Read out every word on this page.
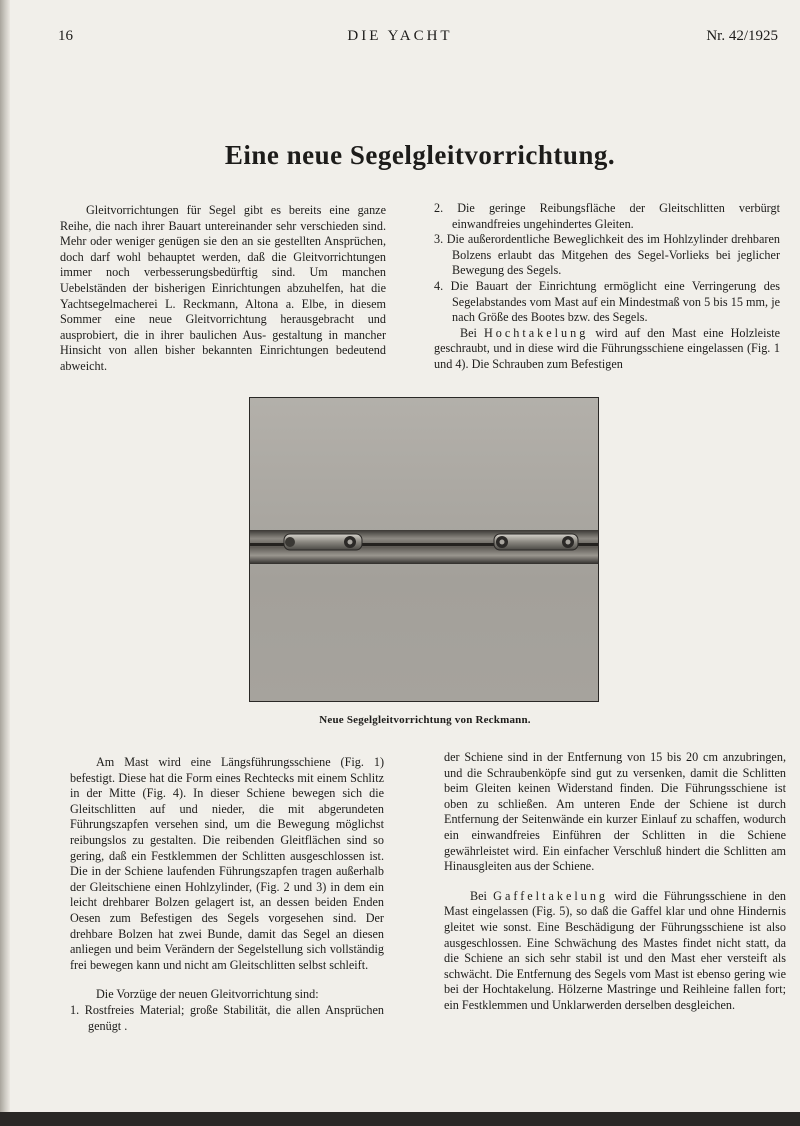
DIE YACHT
16	Nr. 42/1925
Eine neue Segelgleitvorrichtung.

Gleitvorrichtungen für Segel gibt es bereits eine ganze Reihe, die nach ihrer Bauart untereinander sehr verschieden sind. Mehr oder weniger genügen sie den an sie gestellten Ansprüchen, doch darf wohl behauptet werden, daß die Gleitvorrichtungen immer noch verbesserungsbedürftig sind. Um manchen Uebelständen der bisherigen Einrichtungen abzuhelfen, hat die Yachtsegelmacherei L. Reckmann, Altona a. Elbe, in diesem Sommer eine neue Gleitvorrichtung herausgebracht und ausprobiert, die in ihrer baulichen Aus- gestaltung in mancher Hinsicht von allen bisher bekannten Einrichtungen bedeutend abweicht.

2. Die geringe Reibungsfläche der Gleitschlitten verbürgt einwandfreies ungehindertes Gleiten.

3. Die außerordentliche Beweglichkeit des im Hohlzylinder drehbaren Bolzens erlaubt das Mitgehen des Segel-Vorlieks bei jeglicher Bewegung des Segels.

4. Die Bauart der Einrichtung ermöglicht eine Verringerung des Segelabstandes vom Mast auf ein Mindestmaß von 5 bis 15 mm, je nach Größe des Bootes bzw. des Segels.

Bei Hochtakelung wird auf den Mast eine Holzleiste geschraubt, und in diese wird die Führungsschiene eingelassen (Fig. 1 und 4). Die Schrauben zum Befestigen

Neue Segelgleitvorrichtung von Reckmann.

Am Mast wird eine Längsführungsschiene (Fig. 1) befestigt. Diese hat die Form eines Rechtecks mit einem Schlitz in der Mitte (Fig. 4). In dieser Schiene bewegen sich die Gleitschlitten auf und nieder, die mit abgerundeten Führungszapfen versehen sind, um die Bewegung möglichst reibungslos zu gestalten. Die reibenden Gleitflächen sind so gering, daß ein Festklemmen der Schlitten ausgeschlossen ist. Die in der Schiene laufenden Führungszapfen tragen außerhalb der Gleitschiene einen Hohlzylinder, (Fig. 2 und 3) in dem ein leicht drehbarer Bolzen gelagert ist, an dessen beiden Enden Oesen zum Befestigen des Segels vorgesehen sind. Der drehbare Bolzen hat zwei Bunde, damit das Segel an diesen anliegen und beim Verändern der Segelstellung sich vollständig frei bewegen kann und nicht am Gleitschlitten selbst schleift.

Die Vorzüge der neuen Gleitvorrichtung sind:

1. Rostfreies Material; große Stabilität, die allen Ansprüchen genügt .

der Schiene sind in der Entfernung von 15 bis 20 cm anzubringen, und die Schraubenköpfe sind gut zu versenken, damit die Schlitten beim Gleiten keinen Widerstand finden. Die Führungsschiene ist oben zu schließen. Am unteren Ende der Schiene ist durch Entfernung der Seitenwände ein kurzer Einlauf zu schaffen, wodurch ein einwandfreies Einführen der Schlitten in die Schiene gewährleistet wird. Ein einfacher Verschluß hindert die Schlitten am Hinausgleiten aus der Schiene.

Bei Gaffeltakelung wird die Führungsschiene in den Mast eingelassen (Fig. 5), so daß die Gaffel klar und ohne Hindernis gleitet wie sonst. Eine Beschädigung der Führungsschiene ist also ausgeschlossen. Eine Schwächung des Mastes findet nicht statt, da die Schiene an sich sehr stabil ist und den Mast eher versteift als schwächt. Die Entfernung des Segels vom Mast ist ebenso gering wie bei der Hochtakelung. Hölzerne Mastringe und Reihleine fallen fort; ein Festklemmen und Unklarwerden derselben desgleichen.
